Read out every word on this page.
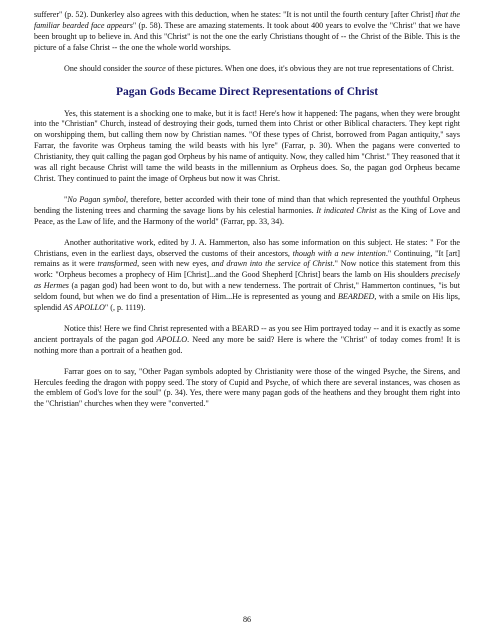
sufferer" (p. 52). Dunkerley also agrees with this deduction, when he states: "It is not until the fourth century [after Christ] that the familiar bearded face appears" (p. 58). These are amazing statements. It took about 400 years to evolve the "Christ" that we have been brought up to believe in. And this "Christ" is not the one the early Christians thought of -- the Christ of the Bible. This is the picture of a false Christ -- the one the whole world worships.

One should consider the source of these pictures. When one does, it's obvious they are not true representations of Christ.

Pagan Gods Became Direct Representations of Christ

Yes, this statement is a shocking one to make, but it is fact! Here's how it happened: The pagans, when they were brought into the "Christian" Church, instead of destroying their gods, turned them into Christ or other Biblical characters. They kept right on worshipping them, but calling them now by Christian names. "Of these types of Christ, borrowed from Pagan antiquity," says Farrar, the favorite was Orpheus taming the wild beasts with his lyre" (Farrar, p. 30). When the pagans were converted to Christianity, they quit calling the pagan god Orpheus by his name of antiquity. Now, they called him "Christ." They reasoned that it was all right because Christ will tame the wild beasts in the millennium as Orpheus does. So, the pagan god Orpheus became Christ. They continued to paint the image of Orpheus but now it was Christ.

"No Pagan symbol, therefore, better accorded with their tone of mind than that which represented the youthful Orpheus bending the listening trees and charming the savage lions by his celestial harmonies. It indicated Christ as the King of Love and Peace, as the Law of life, and the Harmony of the world" (Farrar, pp. 33, 34).

Another authoritative work, edited by J. A. Hammerton, also has some information on this subject. He states: " For the Christians, even in the earliest days, observed the customs of their ancestors, though with a new intention." Continuing, "It [art] remains as it were transformed, seen with new eyes, and drawn into the service of Christ." Now notice this statement from this work: "Orpheus becomes a prophecy of Him [Christ]...and the Good Shepherd [Christ] bears the lamb on His shoulders precisely as Hermes (a pagan god) had been wont to do, but with a new tenderness. The portrait of Christ," Hammerton continues, "is but seldom found, but when we do find a presentation of Him...He is represented as young and BEARDED, with a smile on His lips, splendid AS APOLLO" (, p. 1119).

Notice this! Here we find Christ represented with a BEARD -- as you see Him portrayed today -- and it is exactly as some ancient portrayals of the pagan god APOLLO. Need any more be said? Here is where the "Christ" of today comes from! It is nothing more than a portrait of a heathen god.

Farrar goes on to say, "Other Pagan symbols adopted by Christianity were those of the winged Psyche, the Sirens, and Hercules feeding the dragon with poppy seed. The story of Cupid and Psyche, of which there are several instances, was chosen as the emblem of God's love for the soul" (p. 34). Yes, there were many pagan gods of the heathens and they brought them right into the "Christian" churches when they were "converted."

86
